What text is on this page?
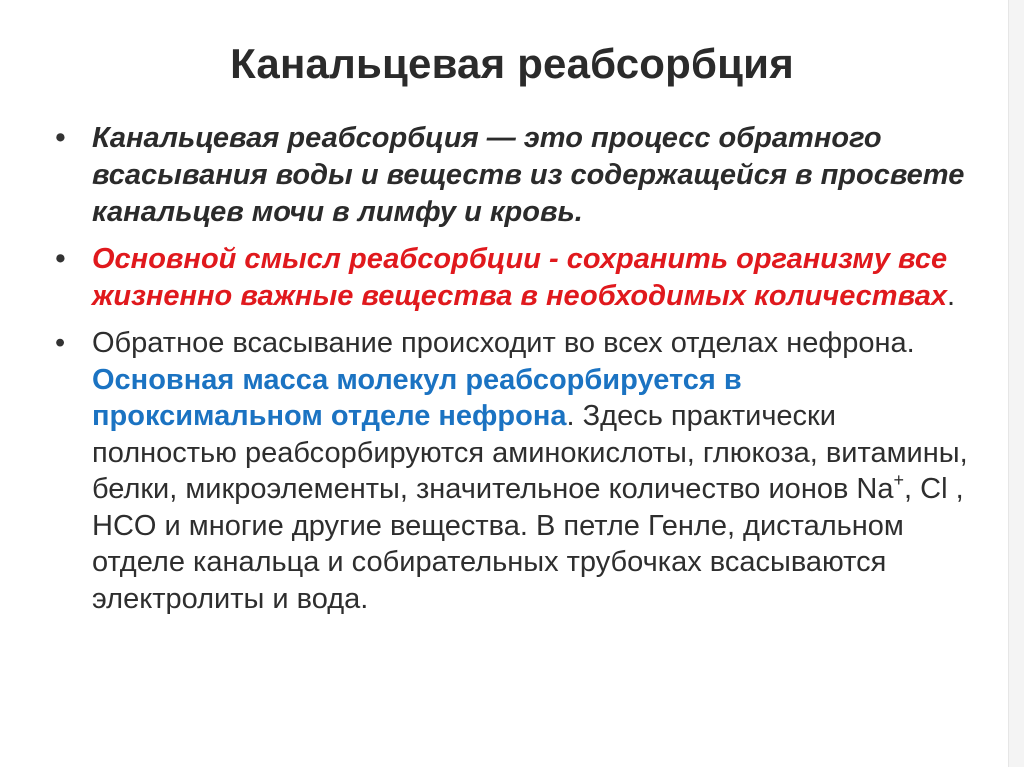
Канальцевая реабсорбция
• Канальцевая реабсорбция — это процесс обратного всасывания воды и веществ из содержащейся в просвете канальцев мочи в лимфу и кровь.
• Основной смысл реабсорбции - сохранить организму все жизненно важные вещества в необходимых количествах.
• Обратное всасывание происходит во всех отделах нефрона. Основная масса молекул реабсорбируется в проксимальном отделе нефрона. Здесь практически полностью реабсорбируются аминокислоты, глюкоза, витамины, белки, микроэлементы, значительное количество ионов Na+, Cl , HCO и многие другие вещества. В петле Генле, дистальном отделе канальца и собирательных трубочках всасываются электролиты и вода.
